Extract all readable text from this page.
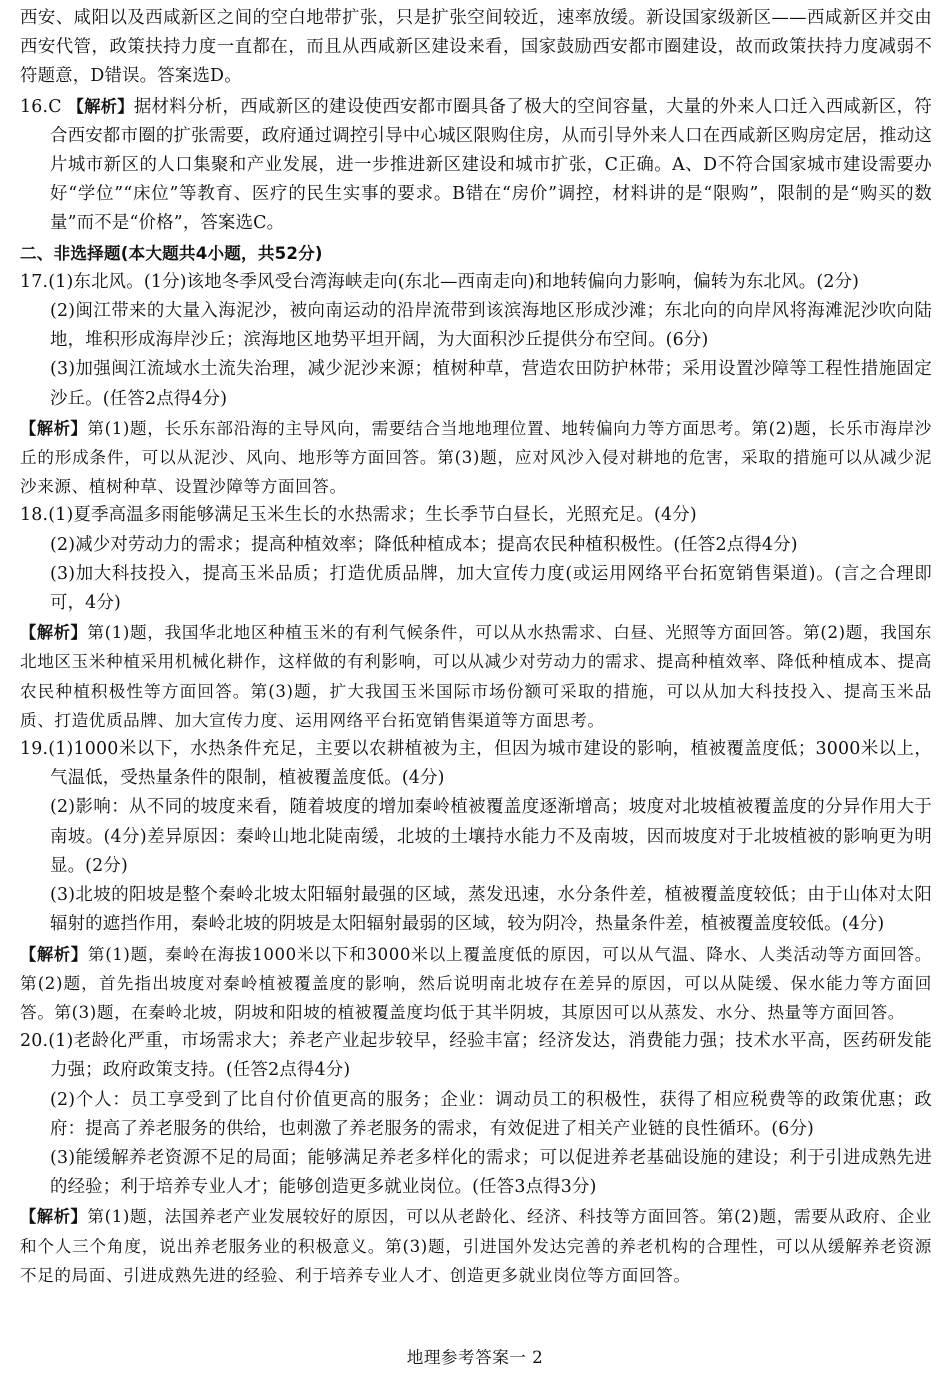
西安、咸阳以及西咸新区之间的空白地带扩张，只是扩张空间较近，速率放缓。新设国家级新区——西咸新区并交由西安代管，政策扶持力度一直都在，而且从西咸新区建设来看，国家鼓励西安都市圈建设，故而政策扶持力度减弱不符题意，D错误。答案选D。

16.C 【解析】据材料分析，西咸新区的建设使西安都市圈具备了极大的空间容量，大量的外来人口迁入西咸新区，符合西安都市圈的扩张需要，政府通过调控引导中心城区限购住房，从而引导外来人口在西咸新区购房定居，推动这片城市新区的人口集聚和产业发展，进一步推进新区建设和城市扩张，C正确。A、D不符合国家城市建设需要办好“学位”“床位”等教育、医疗的民生实事的要求。B错在“房价”调控，材料讲的是“限购”，限制的是“购买的数量”而不是“价格”，答案选C。

二、非选择题(本大题共4小题，共52分)

17.(1)东北风。(1分)该地冬季风受台湾海峡走向(东北—西南走向)和地转偏向力影响，偏转为东北风。(2分)

(2)闽江带来的大量入海泥沙，被向南运动的沿岸流带到该滨海地区形成沙滩；东北向的向岸风将海滩泥沙吹向陆地，堆积形成海岸沙丘；滨海地区地势平坦开阔，为大面积沙丘提供分布空间。(6分)

(3)加强闽江流域水土流失治理，减少泥沙来源；植树种草，营造农田防护林带；采用设置沙障等工程性措施固定沙丘。(任答2点得4分)

【解析】第(1)题，长乐东部沿海的主导风向，需要结合当地地理位置、地转偏向力等方面思考。第(2)题，长乐市海岸沙丘的形成条件，可以从泥沙、风向、地形等方面回答。第(3)题，应对风沙入侵对耕地的危害，采取的措施可以从减少泥沙来源、植树种草、设置沙障等方面回答。

18.(1)夏季高温多雨能够满足玉米生长的水热需求；生长季节白昼长，光照充足。(4分)

(2)减少对劳动力的需求；提高种植效率；降低种植成本；提高农民种植积极性。(任答2点得4分)

(3)加大科技投入，提高玉米品质；打造优质品牌，加大宣传力度(或运用网络平台拓宽销售渠道)。(言之合理即可，4分)

【解析】第(1)题，我国华北地区种植玉米的有利气候条件，可以从水热需求、白昼、光照等方面回答。第(2)题，我国东北地区玉米种植采用机械化耕作，这样做的有利影响，可以从减少对劳动力的需求、提高种植效率、降低种植成本、提高农民种植积极性等方面回答。第(3)题，扩大我国玉米国际市场份额可采取的措施，可以从加大科技投入、提高玉米品质、打造优质品牌、加大宣传力度、运用网络平台拓宽销售渠道等方面思考。

19.(1)1000米以下，水热条件充足，主要以农耕植被为主，但因为城市建设的影响，植被覆盖度低；3000米以上，气温低，受热量条件的限制，植被覆盖度低。(4分)

(2)影响：从不同的坡度来看，随着坡度的增加秦岭植被覆盖度逐渐增高；坡度对北坡植被覆盖度的分异作用大于南坡。(4分)差异原因：秦岭山地北陡南缓，北坡的土壤持水能力不及南坡，因而坡度对于北坡植被的影响更为明显。(2分)

(3)北坡的阳坡是整个秦岭北坡太阳辐射最强的区域，蒸发迅速，水分条件差，植被覆盖度较低；由于山体对太阳辐射的遮挡作用，秦岭北坡的阴坡是太阳辐射最弱的区域，较为阴冷，热量条件差，植被覆盖度较低。(4分)

【解析】第(1)题，秦岭在海拔1000米以下和3000米以上覆盖度低的原因，可以从气温、降水、人类活动等方面回答。第(2)题，首先指出坡度对秦岭植被覆盖度的影响，然后说明南北坡存在差异的原因，可以从陡缓、保水能力等方面回答。第(3)题，在秦岭北坡，阴坡和阳坡的植被覆盖度均低于其半阴坡，其原因可以从蒸发、水分、热量等方面回答。

20.(1)老龄化严重，市场需求大；养老产业起步较早，经验丰富；经济发达，消费能力强；技术水平高，医药研发能力强；政府政策支持。(任答2点得4分)

(2)个人：员工享受到了比自付价值更高的服务；企业：调动员工的积极性，获得了相应税费等的政策优惠；政府：提高了养老服务的供给，也刺激了养老服务的需求，有效促进了相关产业链的良性循环。(6分)

(3)能缓解养老资源不足的局面；能够满足养老多样化的需求；可以促进养老基础设施的建设；利于引进成熟先进的经验；利于培养专业人才；能够创造更多就业岗位。(任答3点得3分)

【解析】第(1)题，法国养老产业发展较好的原因，可以从老龄化、经济、科技等方面回答。第(2)题，需要从政府、企业和个人三个角度，说出养老服务业的积极意义。第(3)题，引进国外发达完善的养老机构的合理性，可以从缓解养老资源不足的局面、引进成熟先进的经验、利于培养专业人才、创造更多就业岗位等方面回答。

地理参考答案一 2
